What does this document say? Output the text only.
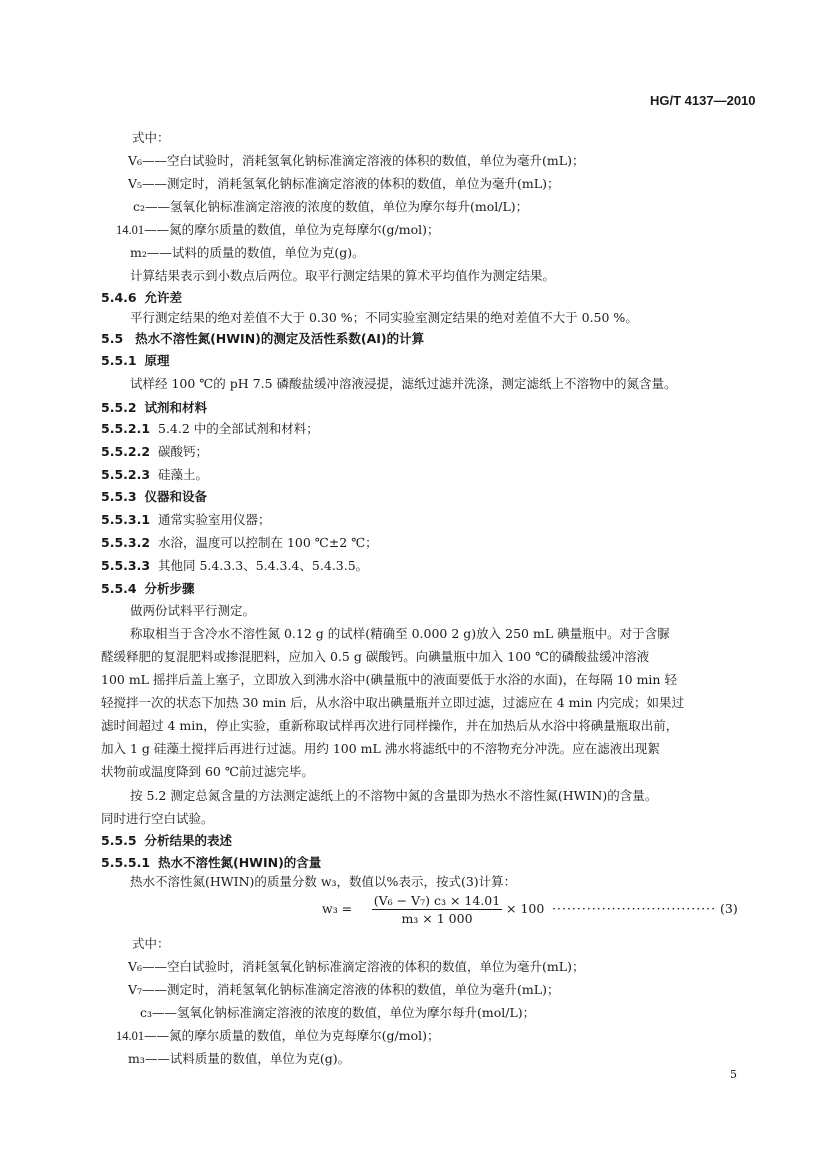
HG/T 4137—2010
式中：
V₆——空白试验时，消耗氢氧化钠标准滴定溶液的体积的数值，单位为毫升(mL)；
V₅——测定时，消耗氢氧化钠标准滴定溶液的体积的数值，单位为毫升(mL)；
c₂——氢氧化钠标准滴定溶液的浓度的数值，单位为摩尔每升(mol/L)；
14.01——氮的摩尔质量的数值，单位为克每摩尔(g/mol)；
m₂——试料的质量的数值，单位为克(g)。
计算结果表示到小数点后两位。取平行测定结果的算术平均值作为测定结果。
5.4.6 允许差
平行测定结果的绝对差值不大于 0.30 %；不同实验室测定结果的绝对差值不大于 0.50 %。
5.5 热水不溶性氮(HWIN)的测定及活性系数(AI)的计算
5.5.1 原理
试样经 100 ℃的 pH 7.5 磷酸盐缓冲溶液浸提，滤纸过滤并洗涤，测定滤纸上不溶物中的氮含量。
5.5.2 试剂和材料
5.5.2.1 5.4.2 中的全部试剂和材料；
5.5.2.2 碳酸钙；
5.5.2.3 硅藻土。
5.5.3 仪器和设备
5.5.3.1 通常实验室用仪器；
5.5.3.2 水浴，温度可以控制在 100 ℃±2 ℃；
5.5.3.3 其他同 5.4.3.3、5.4.3.4、5.4.3.5。
5.5.4 分析步骤
做两份试料平行测定。
称取相当于含冷水不溶性氮 0.12 g 的试样(精确至 0.000 2 g)放入 250 mL 碘量瓶中。对于含脲
醛缓释肥的复混肥料或掺混肥料，应加入 0.5 g 碳酸钙。向碘量瓶中加入 100 ℃的磷酸盐缓冲溶液
100 mL 摇拌后盖上塞子，立即放入到沸水浴中(碘量瓶中的液面要低于水浴的水面)，在每隔 10 min 轻
轻搅拌一次的状态下加热 30 min 后，从水浴中取出碘量瓶并立即过滤，过滤应在 4 min 内完成；如果过
滤时间超过 4 min，停止实验，重新称取试样再次进行同样操作，并在加热后从水浴中将碘量瓶取出前，
加入 1 g 硅藻土搅拌后再进行过滤。用约 100 mL 沸水将滤纸中的不溶物充分冲洗。应在滤液出现絮
状物前或温度降到 60 ℃前过滤完毕。
按 5.2 测定总氮含量的方法测定滤纸上的不溶物中氮的含量即为热水不溶性氮(HWIN)的含量。
同时进行空白试验。
5.5.5 分析结果的表述
5.5.5.1 热水不溶性氮(HWIN)的含量
热水不溶性氮(HWIN)的质量分数 w₃，数值以%表示，按式(3)计算：
w₃ =
(V₆ − V₇) c₃ × 14.01
m₃ × 1 000
× 100 ································· (3)
式中：
V₆——空白试验时，消耗氢氧化钠标准滴定溶液的体积的数值，单位为毫升(mL)；
V₇——测定时，消耗氢氧化钠标准滴定溶液的体积的数值，单位为毫升(mL)；
c₃——氢氧化钠标准滴定溶液的浓度的数值，单位为摩尔每升(mol/L)；
14.01——氮的摩尔质量的数值，单位为克每摩尔(g/mol)；
m₃——试料质量的数值，单位为克(g)。
5
